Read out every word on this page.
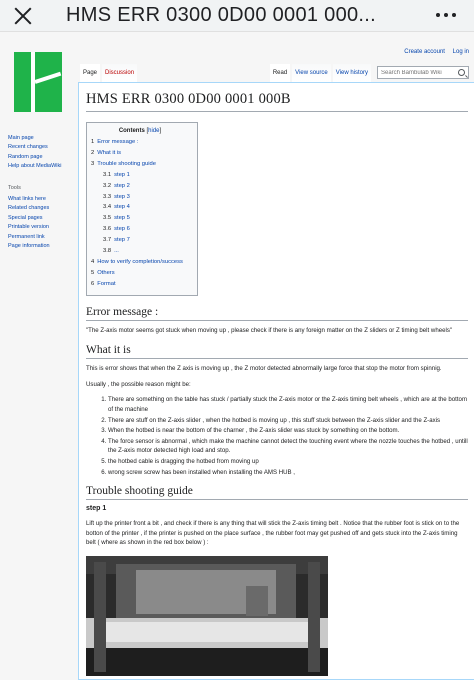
HMS ERR 0300 0D00 0001 000...
Create account Log in
Main page
Recent changes
Random page
Help about MediaWiki
Tools
What links here
Related changes
Special pages
Printable version
Permanent link
Page information
Page	Discussion	Read	View source	View history
Search Bambulab Wiki
HMS ERR 0300 0D00 0001 000B
Contents [hide]
1 Error message :
2 What it is
3 Trouble shooting guide
3.1 step 1
3.2 step 2
3.3 step 3
3.4 step 4
3.5 step 5
3.6 step 6
3.7 step 7
3.8 ...
4 How to verify completion/success
5 Others
6 Format
Error message :

"The Z-axis motor seems got stuck when moving up , please check if there is any foreign matter on the Z sliders or Z timing belt wheels"

What it is

This is error shows that when the Z axis is moving up , the Z motor detected abnormally large force that stop the motor from spinnig.

Usually , the possible reason might be:

1. There are something on the table has stuck / partially stuck the Z-axis motor or the Z-axis timing belt wheels , which are at the bottom of the machine
2. There are stuff on the Z-axis slider , when the hotbed is moving up , this stuff stuck between the Z-axis slider and the Z-axis
3. When the hotbed is near the bottom of the charner , the Z-axis slider was stuck by something on the bottom.
4. The force sensor is abnormal , which make the machine cannot detect the touching event where the nozzle touches the hotbed , untill the Z-axis motor detected high load and stop.
5. the hotbed cable is dragging the hotbed from moving up
6. wrong screw screw has been installed when installing the AMS HUB ,
Trouble shooting guide
step 1

Lift up the printer front a bit , and check if there is any thing that will stick the Z-axis timing belt . Notice that the rubber foot is stick on to the botton of the printer , if the printer is pushed on the place surface , the rubber foot may get pushed off and gets stuck into the Z-axis timing belt ( where as shown in the red box below ) :
